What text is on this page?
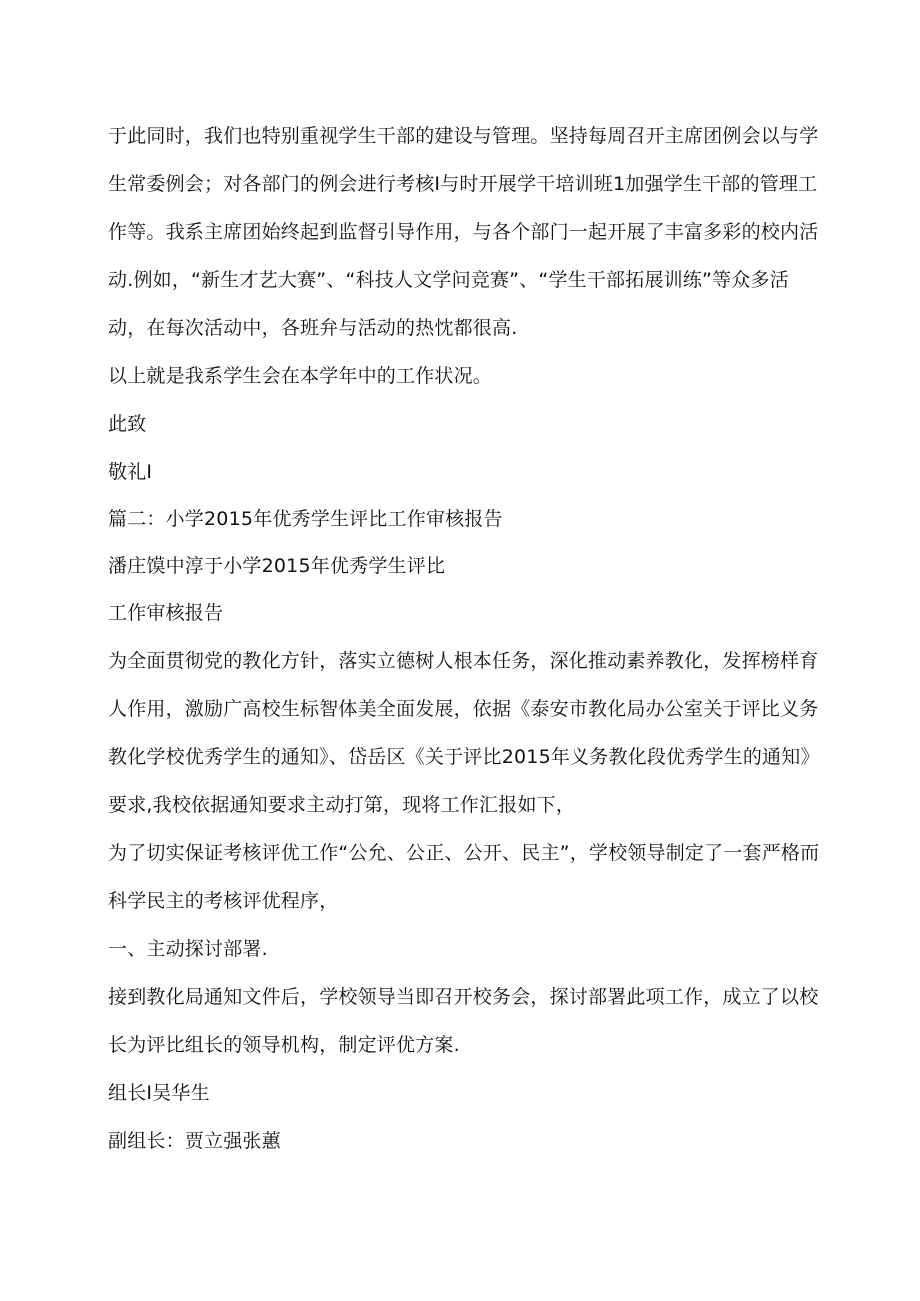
于此同时，我们也特别重视学生干部的建设与管理。坚持每周召开主席团例会以与学生常委例会；对各部门的例会进行考核I与时开展学干培训班1加强学生干部的管理工作等。我系主席团始终起到监督引导作用，与各个部门一起开展了丰富多彩的校内活动.例如，“新生才艺大赛”、“科技人文学问竞赛”、“学生干部拓展训练”等众多活动，在每次活动中，各班弁与活动的热忱都很高.

以上就是我系学生会在本学年中的工作状况。

此致

敬礼I

篇二：小学2015年优秀学生评比工作审核报告

潘庄馍中淳于小学2015年优秀学生评比

工作审核报告

为全面贯彻党的教化方针，落实立德树人根本任务，深化推动素养教化，发挥榜样育人作用，激励广高校生标智体美全面发展，依据《泰安市教化局办公室关于评比义务教化学校优秀学生的通知》、岱岳区《关于评比2015年义务教化段优秀学生的通知》要求,我校依据通知要求主动打第，现将工作汇报如下，

为了切实保证考核评优工作“公允、公正、公开、民主”，学校领导制定了一套严格而科学民主的考核评优程序，

一、主动探讨部署.

接到教化局通知文件后，学校领导当即召开校务会，探讨部署此项工作，成立了以校长为评比组长的领导机构，制定评优方案.

组长I吴华生

副组长：贾立强张蕙
